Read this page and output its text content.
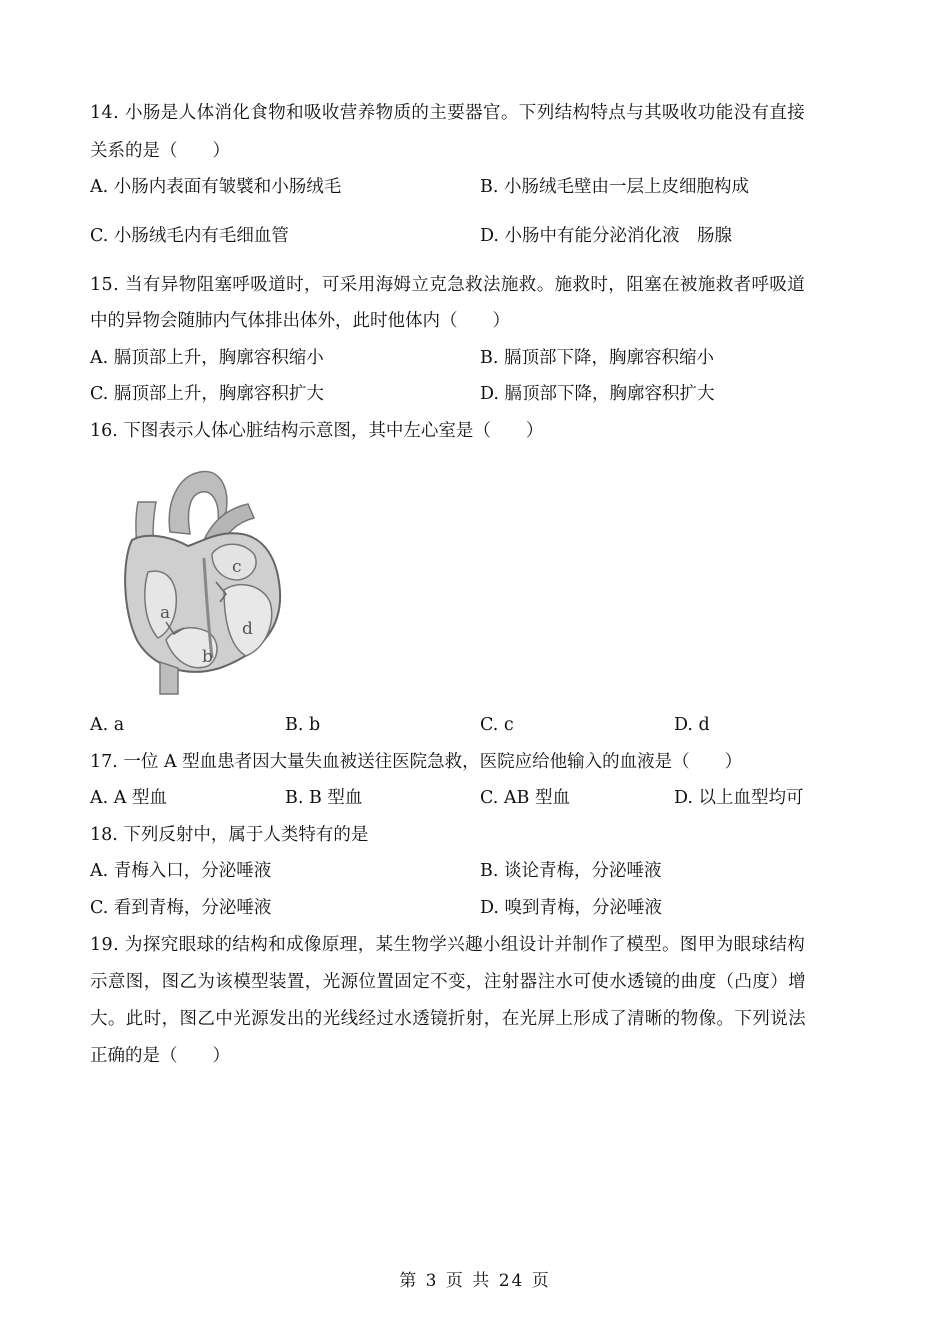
14. 小肠是人体消化食物和吸收营养物质的主要器官。下列结构特点与其吸收功能没有直接
关系的是（　　）
A. 小肠内表面有皱襞和小肠绒毛	B. 小肠绒毛壁由一层上皮细胞构成
C. 小肠绒毛内有毛细血管	D. 小肠中有能分泌消化液　肠腺
15. 当有异物阻塞呼吸道时，可采用海姆立克急救法施救。施救时，阻塞在被施救者呼吸道
中的异物会随肺内气体排出体外，此时他体内（　　）
A. 膈顶部上升，胸廓容积缩小	B. 膈顶部下降，胸廓容积缩小
C. 膈顶部上升，胸廓容积扩大	D. 膈顶部下降，胸廓容积扩大
16. 下图表示人体心脏结构示意图，其中左心室是（　　）
a
b
c
d
A. a	B. b	C. c	D. d
17. 一位 A 型血患者因大量失血被送往医院急救，医院应给他输入的血液是（　　）
A. A 型血	B. B 型血	C. AB 型血	D. 以上血型均可
18. 下列反射中，属于人类特有的是
A. 青梅入口，分泌唾液	B. 谈论青梅，分泌唾液
C. 看到青梅，分泌唾液	D. 嗅到青梅，分泌唾液
19. 为探究眼球的结构和成像原理，某生物学兴趣小组设计并制作了模型。图甲为眼球结构
示意图，图乙为该模型装置，光源位置固定不变，注射器注水可使水透镜的曲度（凸度）增
大。此时，图乙中光源发出的光线经过水透镜折射，在光屏上形成了清晰的物像。下列说法
正确的是（　　）
第 3 页 共 24 页
